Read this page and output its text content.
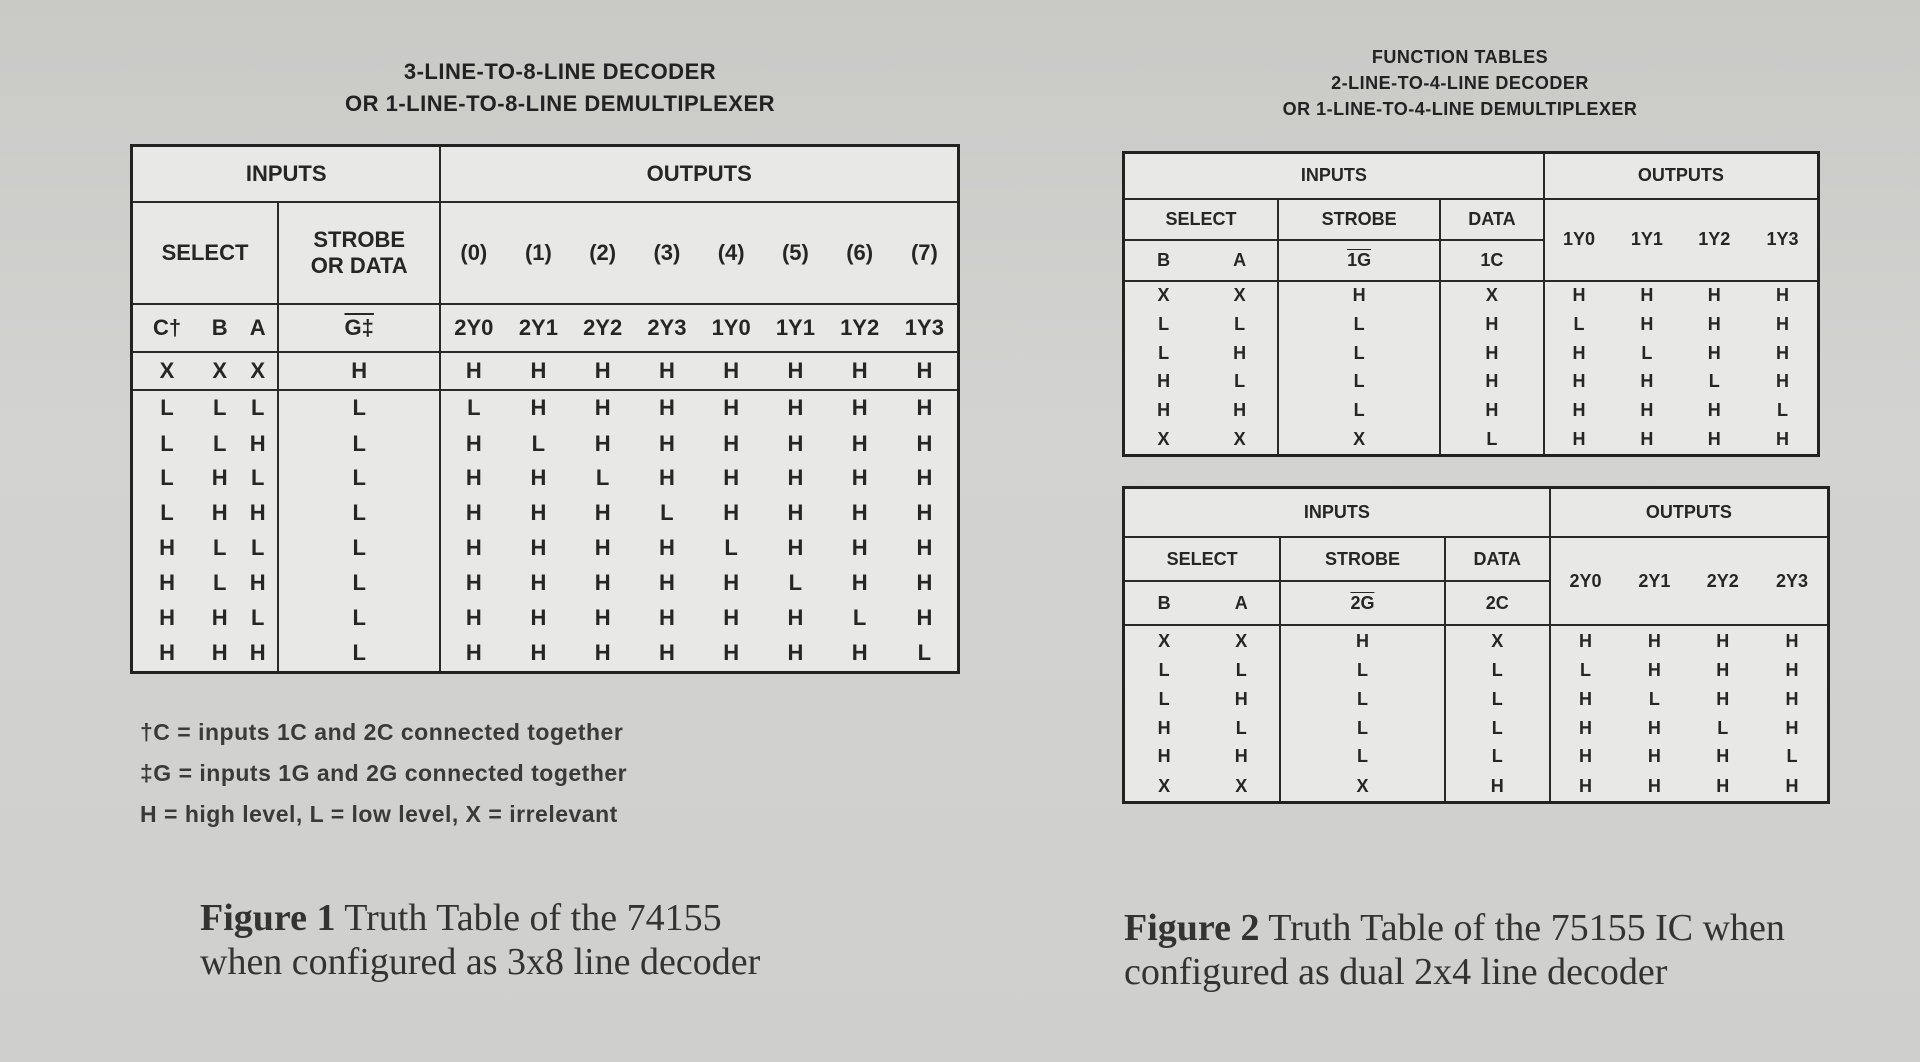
3-LINE-TO-8-LINE DECODER
OR 1-LINE-TO-8-LINE DEMULTIPLEXER
INPUTS				OUTPUTS							
SELECT			STROBE
OR DATA	(0)	(1)	(2)	(3)	(4)	(5)	(6)	(7)
C†	B	A	G‡	2Y0	2Y1	2Y2	2Y3	1Y0	1Y1	1Y2	1Y3
X	X	X	H	H	H	H	H	H	H	H	H
L	L	L	L	L	H	H	H	H	H	H	H
L	L	H	L	H	L	H	H	H	H	H	H
L	H	L	L	H	H	L	H	H	H	H	H
L	H	H	L	H	H	H	L	H	H	H	H
H	L	L	L	H	H	H	H	L	H	H	H
H	L	H	L	H	H	H	H	H	L	H	H
H	H	L	L	H	H	H	H	H	H	L	H
H	H	H	L	H	H	H	H	H	H	H	L
†C = inputs 1C and 2C connected together
‡G = inputs 1G and 2G connected together
H = high level, L = low level, X = irrelevant
Figure 1 Truth Table of the 74155
when configured as 3x8 line decoder
FUNCTION TABLES
2-LINE-TO-4-LINE DECODER
OR 1-LINE-TO-4-LINE DEMULTIPLEXER
INPUTS				OUTPUTS			
SELECT		STROBE	DATA	1Y0	1Y1	1Y2	1Y3
B	A	1G	1C				
X	X	H	X	H	H	H	H
L	L	L	H	L	H	H	H
L	H	L	H	H	L	H	H
H	L	L	H	H	H	L	H
H	H	L	H	H	H	H	L
X	X	X	L	H	H	H	H
INPUTS				OUTPUTS			
SELECT		STROBE	DATA	2Y0	2Y1	2Y2	2Y3
B	A	2G	2C				
X	X	H	X	H	H	H	H
L	L	L	L	L	H	H	H
L	H	L	L	H	L	H	H
H	L	L	L	H	H	L	H
H	H	L	L	H	H	H	L
X	X	X	H	H	H	H	H
Figure 2 Truth Table of the 75155 IC when
configured as dual 2x4 line decoder
